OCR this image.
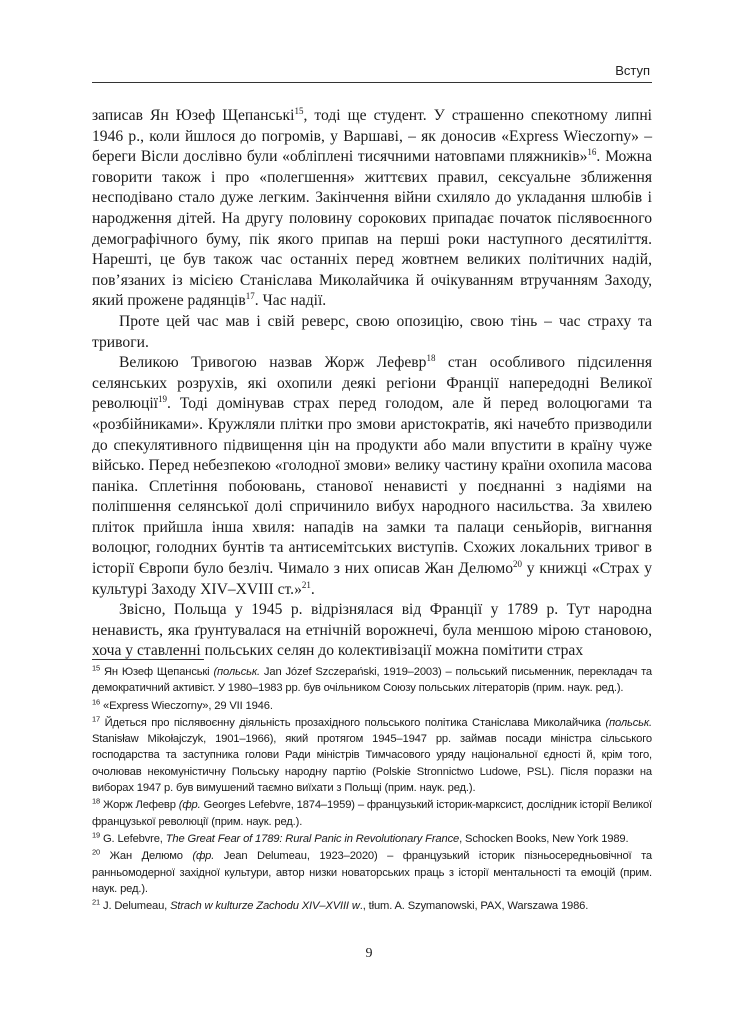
Вступ

записав Ян Юзеф Щепанські$^{15}$, тоді ще студент. У страшенно спекотному липні 1946 р., коли йшлося до погромів, у Варшаві, – як доносив «Express Wieczorny» – береги Вісли дослівно були «обліплені тисячними натовпами пляжників»$^{16}$. Можна говорити також і про «полегшення» життєвих правил, сексуальне зближення несподівано стало дуже легким. Закінчення війни схиляло до укладання шлюбів і народження дітей. На другу половину сорокових припадає початок післявоєнного демографічного буму, пік якого припав на перші роки наступного десятиліття. Нарешті, це був також час останніх перед жовтнем великих політичних надій, пов’язаних із місією Станіслава Миколайчика й очікуванням втручанням Заходу, який прожене радянців$^{17}$. Час надії.

Проте цей час мав і свій реверс, свою опозицію, свою тінь – час страху та тривоги.

Великою Тривогою назвав Жорж Лефевр$^{18}$ стан особливого підсилення селянських розрухів, які охопили деякі регіони Франції напередодні Великої революції$^{19}$. Тоді домінував страх перед голодом, але й перед волоцюгами та «розбійниками». Кружляли плітки про змови аристократів, які начебто призводили до спекулятивного підвищення цін на продукти або мали впустити в країну чуже військо. Перед небезпекою «голодної змови» велику частину країни охопила масова паніка. Сплетіння побоювань, станової ненависті у поєднанні з надіями на поліпшення селянської долі спричинило вибух народного насильства. За хвилею пліток прийшла інша хвиля: нападів на замки та палаци сеньйорів, вигнання волоцюг, голодних бунтів та антисемітських виступів. Схожих локальних тривог в історії Європи було безліч. Чимало з них описав Жан Делюмо$^{20}$ у книжці «Страх у культурі Заходу XIV–XVIII ст.»$^{21}$.

Звісно, Польща у 1945 р. відрізнялася від Франції у 1789 р. Тут народна ненависть, яка ґрунтувалася на етнічній ворожнечі, була меншою мірою становою, хоча у ставленні польських селян до колективізації можна помітити страх

$^{15}$ Ян Юзеф Щепанські (польськ. Jan Józef Szczepański, 1919–2003) – польський письменник, перекладач та демократичний активіст. У 1980–1983 рр. був очільником Союзу польських літераторів (прим. наук. ред.).

$^{16}$ «Express Wieczorny», 29 VII 1946.

$^{17}$ Йдеться про післявоєнну діяльність прозахідного польського політика Станіслава Миколайчика (польськ. Stanisław Mikołajczyk, 1901–1966), який протягом 1945–1947 рр. займав посади міністра сільського господарства та заступника голови Ради міністрів Тимчасового уряду національної єдності й, крім того, очолював некомуністичну Польську народну партію (Polskie Stronnictwo Ludowe, PSL). Після поразки на виборах 1947 р. був вимушений таємно виїхати з Польщі (прим. наук. ред.).

$^{18}$ Жорж Лефевр (фр. Georges Lefebvre, 1874–1959) – французький історик-марксист, дослідник історії Великої французької революції (прим. наук. ред.).

$^{19}$ G. Lefebvre, The Great Fear of 1789: Rural Panic in Revolutionary France, Schocken Books, New York 1989.

$^{20}$ Жан Делюмо (фр. Jean Delumeau, 1923–2020) – французький історик пізньосередньовічної та ранньомодерної західної культури, автор низки новаторських праць з історії ментальності та емоцій (прим. наук. ред.).

$^{21}$ J. Delumeau, Strach w kulturze Zachodu XIV–XVIII w., tłum. A. Szymanowski, PAX, Warszawa 1986.

9
